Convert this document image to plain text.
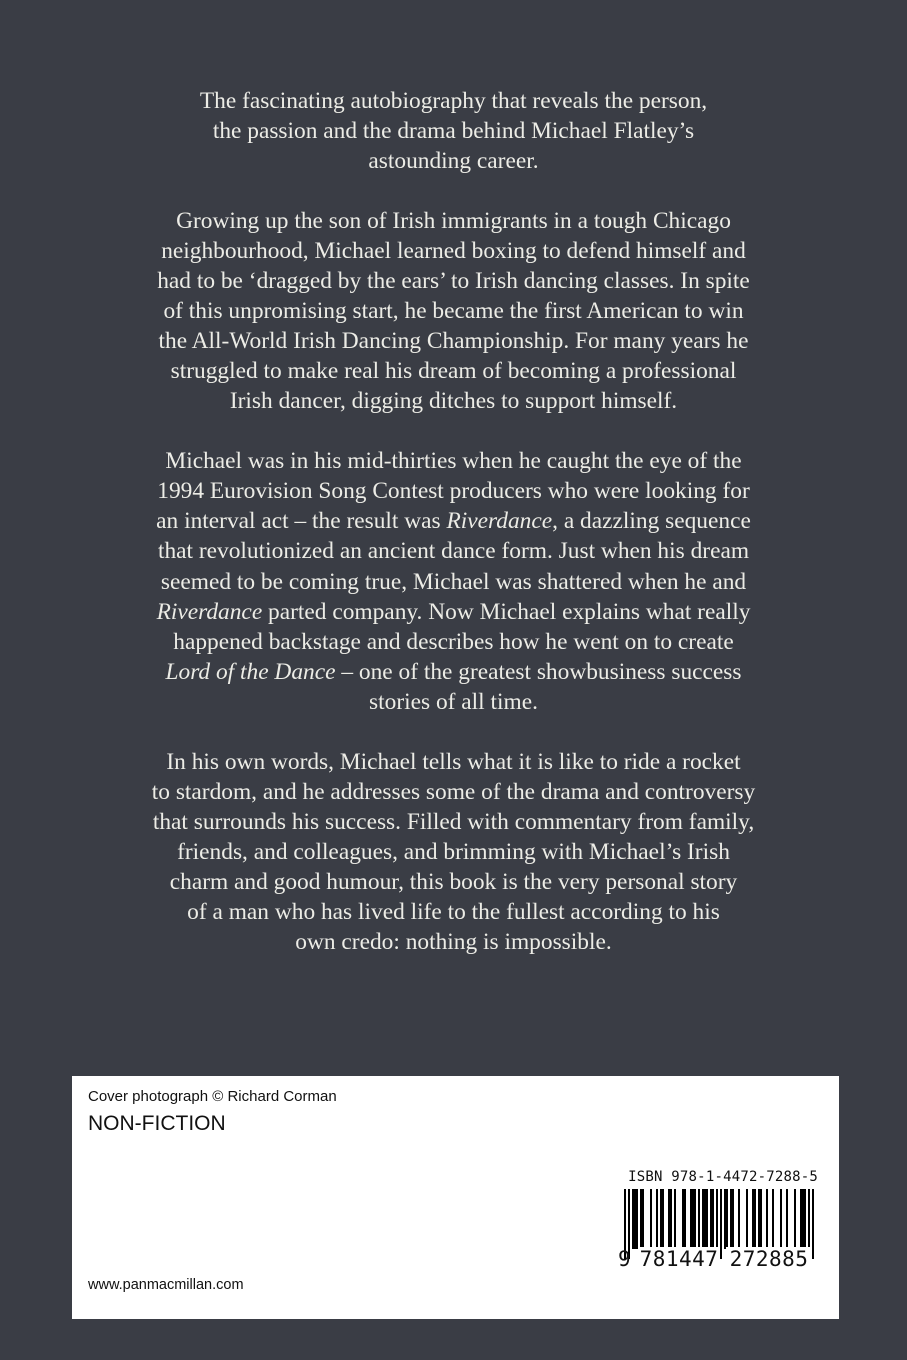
The fascinating autobiography that reveals the person,
the passion and the drama behind Michael Flatley’s
astounding career.

Growing up the son of Irish immigrants in a tough Chicago
neighbourhood, Michael learned boxing to defend himself and
had to be ‘dragged by the ears’ to Irish dancing classes. In spite
of this unpromising start, he became the first American to win
the All-World Irish Dancing Championship. For many years he
struggled to make real his dream of becoming a professional
Irish dancer, digging ditches to support himself.

Michael was in his mid-thirties when he caught the eye of the
1994 Eurovision Song Contest producers who were looking for
an interval act – the result was Riverdance, a dazzling sequence
that revolutionized an ancient dance form. Just when his dream
seemed to be coming true, Michael was shattered when he and
Riverdance parted company. Now Michael explains what really
happened backstage and describes how he went on to create
Lord of the Dance – one of the greatest showbusiness success
stories of all time.

In his own words, Michael tells what it is like to ride a rocket
to stardom, and he addresses some of the drama and controversy
that surrounds his success. Filled with commentary from family,
friends, and colleagues, and brimming with Michael’s Irish
charm and good humour, this book is the very personal story
of a man who has lived life to the fullest according to his
own credo: nothing is impossible.

Cover photograph © Richard Corman
NON-FICTION
ISBN 978-1-4472-7288-5
9 781447 272885
www.panmacmillan.com
